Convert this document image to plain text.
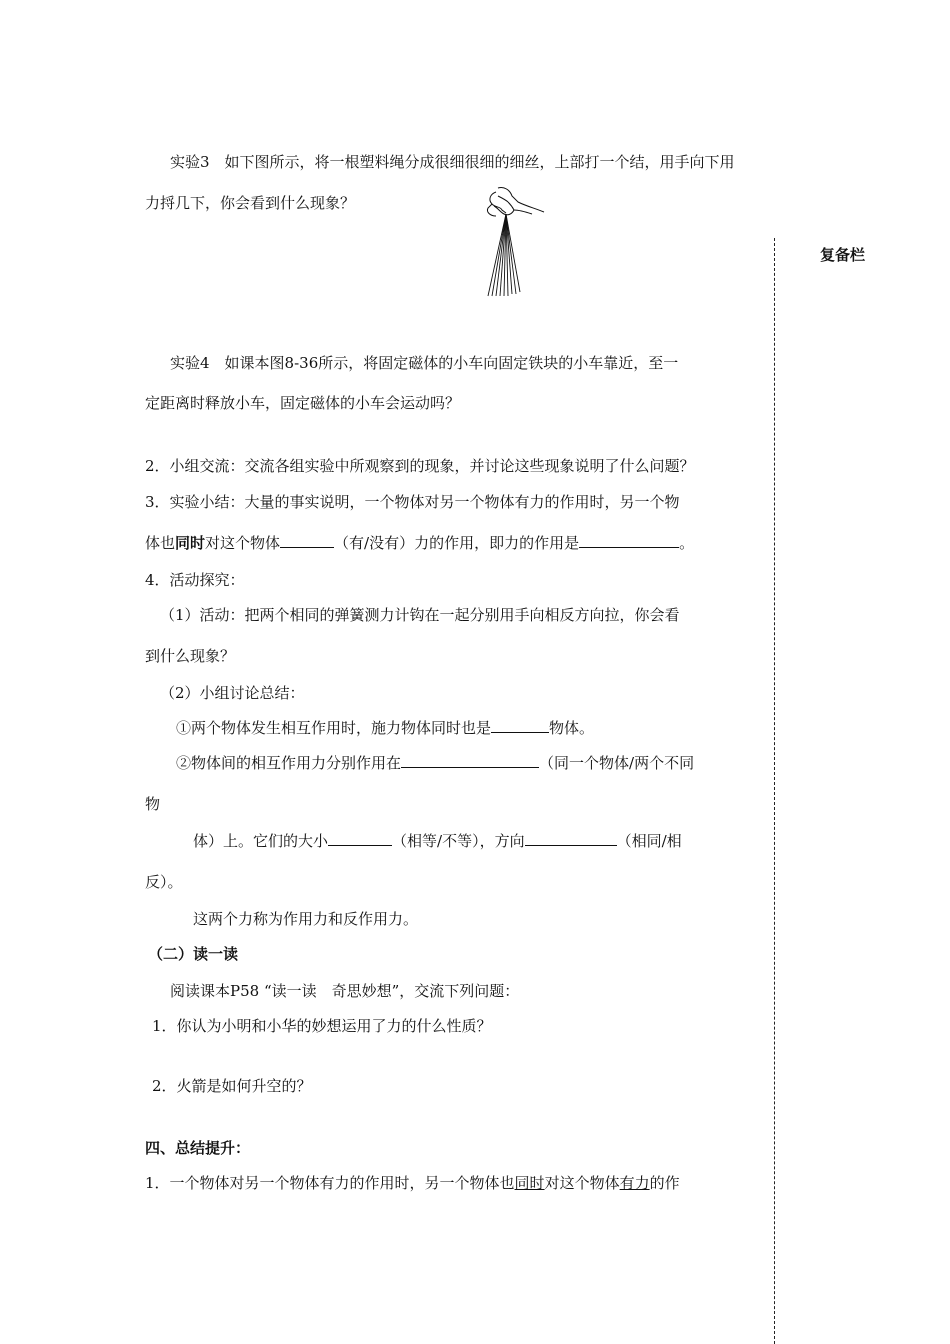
复备栏
实验3　如下图所示，将一根塑料绳分成很细很细的细丝，上部打一个结，用手向下用
力捋几下，你会看到什么现象？
实验4　如课本图8-36所示，将固定磁体的小车向固定铁块的小车靠近，至一
定距离时释放小车，固定磁体的小车会运动吗？
2．小组交流：交流各组实验中所观察到的现象，并讨论这些现象说明了什么问题？
3．实验小结：大量的事实说明，一个物体对另一个物体有力的作用时，另一个物
体也同时对这个物体	（有/没有）力的作用，即力的作用是	。
4．活动探究：
（1）活动：把两个相同的弹簧测力计钩在一起分别用手向相反方向拉，你会看
到什么现象？
（2）小组讨论总结：
①两个物体发生相互作用时，施力物体同时也是	物体。
②物体间的相互作用力分别作用在	（同一个物体/两个不同
物
体）上。它们的大小	（相等/不等），方向	（相同/相
反）。
这两个力称为作用力和反作用力。
（二）读一读
阅读课本P58 “读一读　奇思妙想”，交流下列问题：
1．你认为小明和小华的妙想运用了力的什么性质？
2．火箭是如何升空的？
四、总结提升：
1．一个物体对另一个物体有力的作用时，另一个物体也同时对这个物体有力的作
